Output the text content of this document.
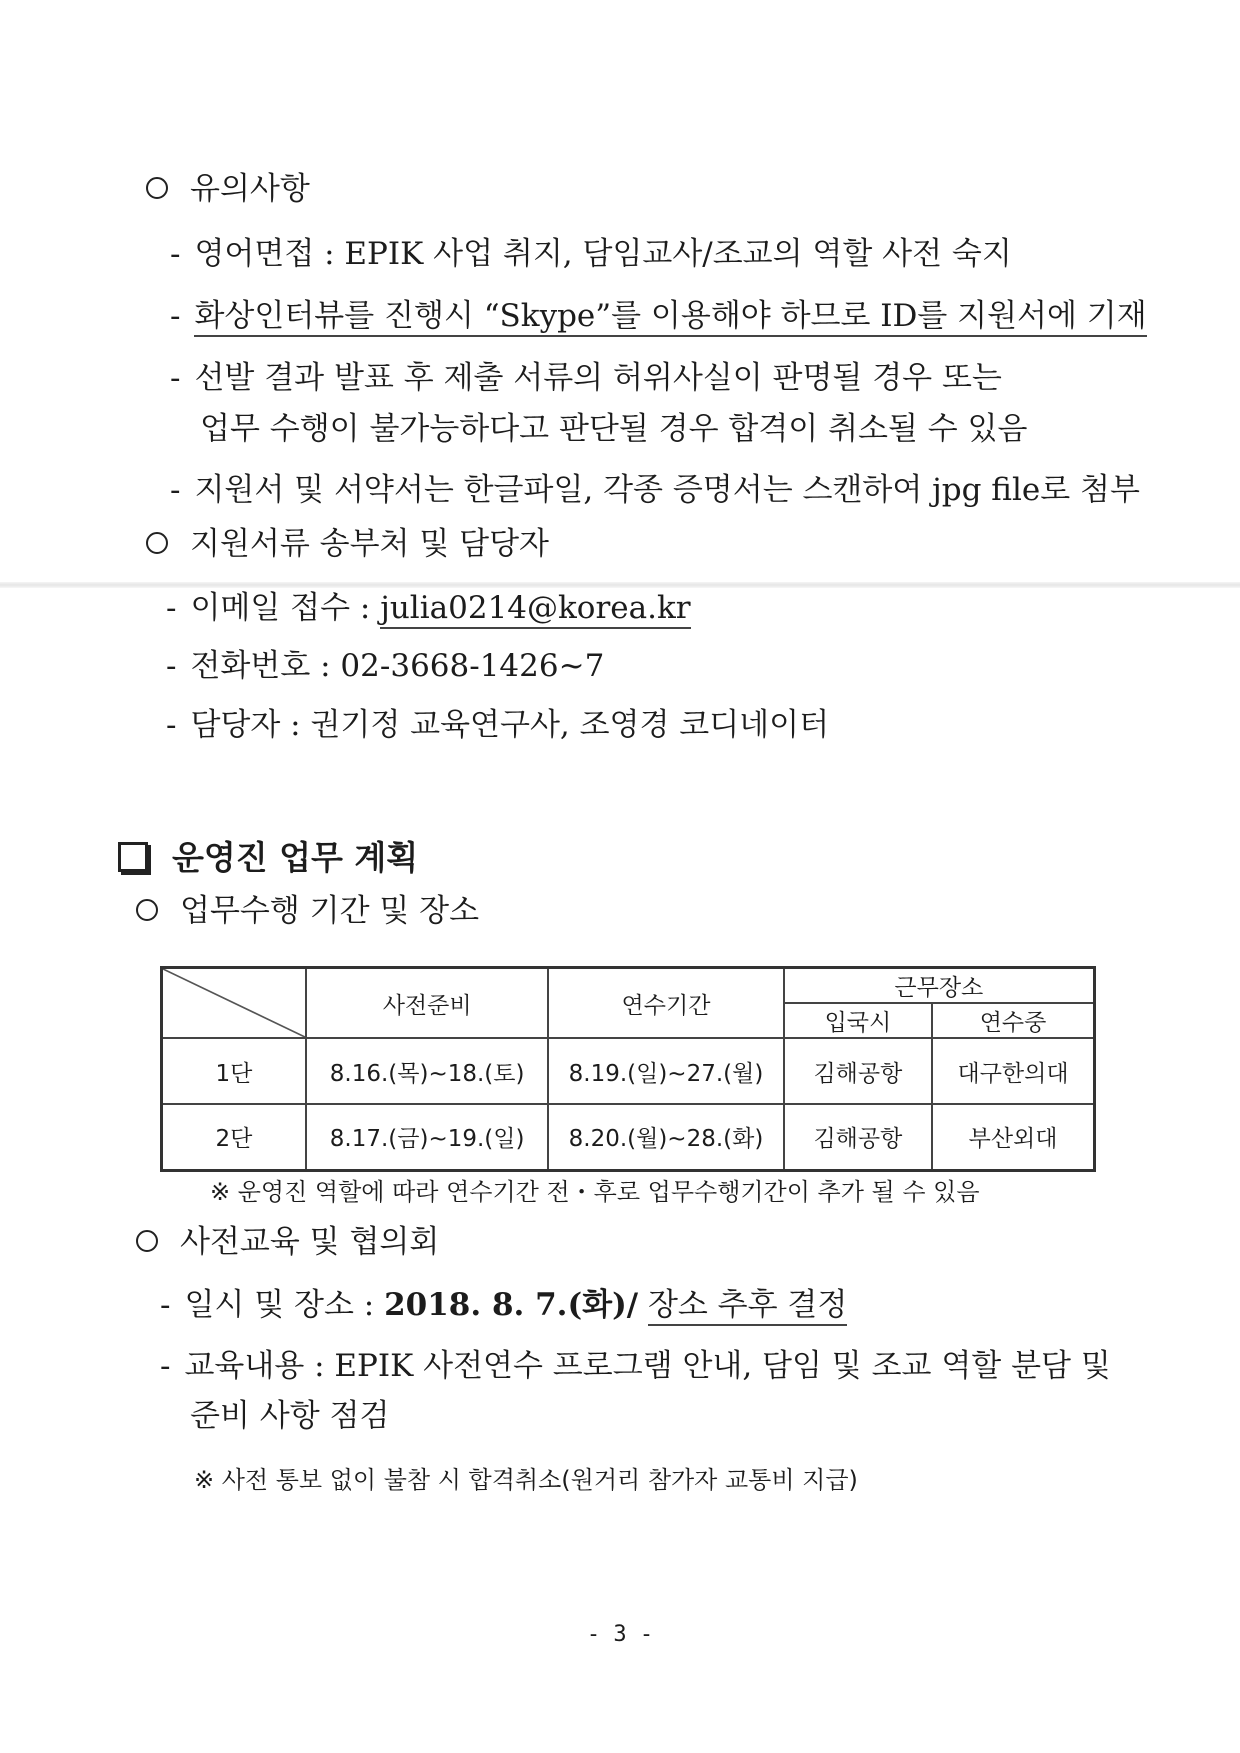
유의사항
- 영어면접 : EPIK 사업 취지, 담임교사/조교의 역할 사전 숙지
- 화상인터뷰를 진행시 “Skype”를 이용해야 하므로 ID를 지원서에 기재
- 선발 결과 발표 후 제출 서류의 허위사실이 판명될 경우 또는
업무 수행이 불가능하다고 판단될 경우 합격이 취소될 수 있음
- 지원서 및 서약서는 한글파일, 각종 증명서는 스캔하여 jpg file로 첨부
지원서류 송부처 및 담당자
- 이메일 접수 : julia0214@korea.kr
- 전화번호 : 02-3668-1426~7
- 담당자 : 권기정 교육연구사, 조영경 코디네이터
운영진 업무 계획
업무수행 기간 및 장소
	사전준비	연수기간	근무장소	
			입국시	연수중
1단	8.16.(목)~18.(토)	8.19.(일)~27.(월)	김해공항	대구한의대
2단	8.17.(금)~19.(일)	8.20.(월)~28.(화)	김해공항	부산외대
※ 운영진 역할에 따라 연수기간 전・후로 업무수행기간이 추가 될 수 있음
사전교육 및 협의회
- 일시 및 장소 : 2018. 8. 7.(화)/ 장소 추후 결정
- 교육내용 : EPIK 사전연수 프로그램 안내, 담임 및 조교 역할 분담 및
준비 사항 점검
※ 사전 통보 없이 불참 시 합격취소(원거리 참가자 교통비 지급)
- 3 -
